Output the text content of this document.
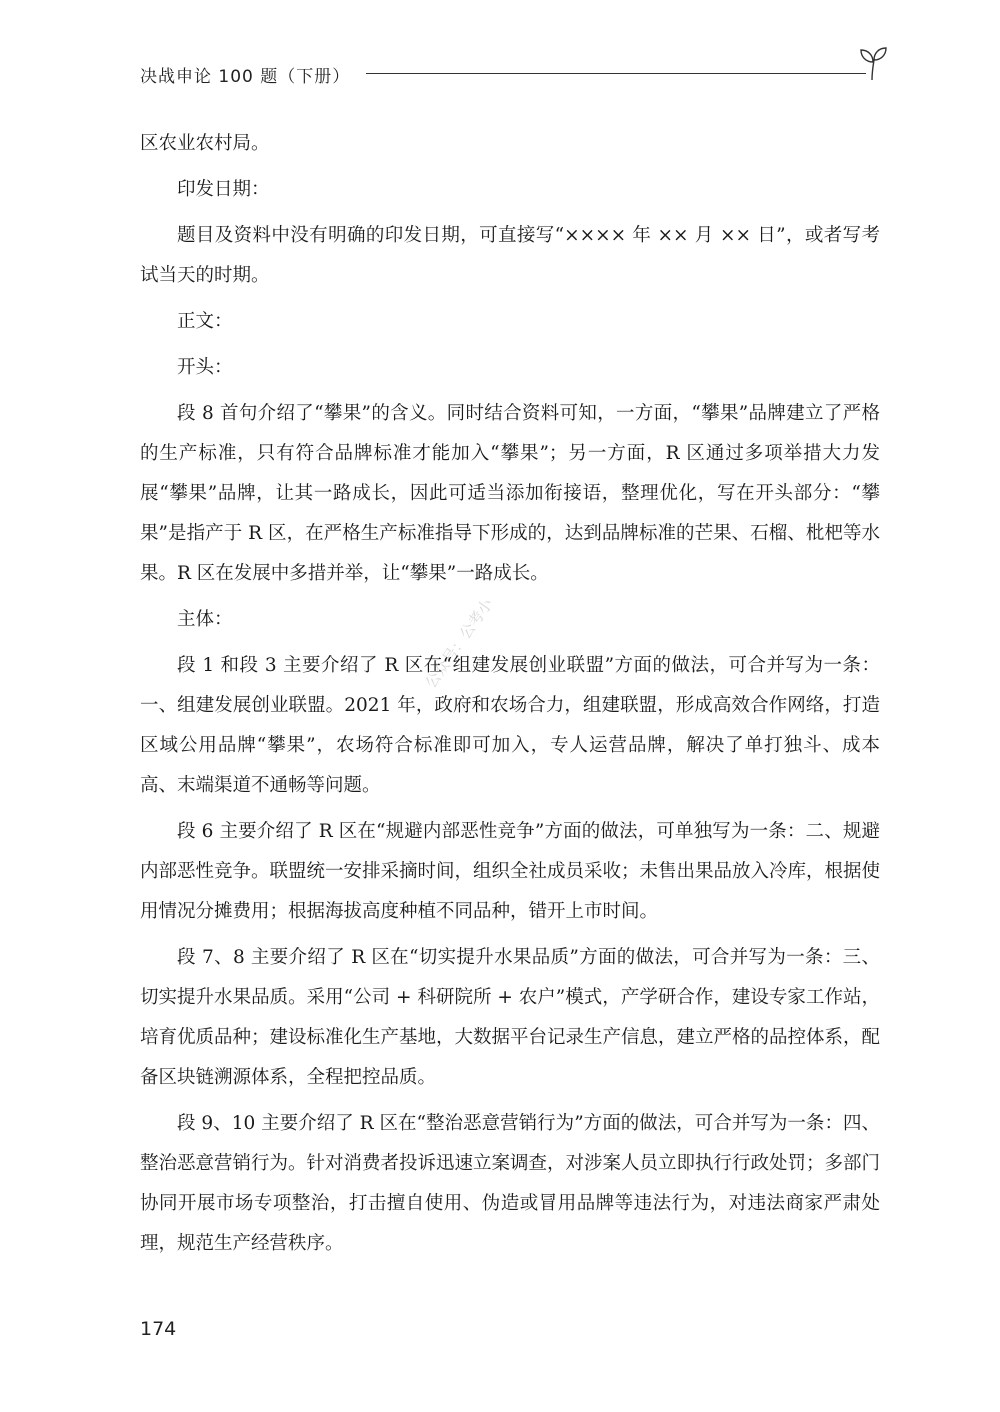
决战申论 100 题（下册）
公众号：公考小

区农业农村局。

印发日期：

题目及资料中没有明确的印发日期，可直接写“×××× 年 ×× 月 ×× 日”，或者写考试当天的时期。

正文：

开头：

段 8 首句介绍了“攀果”的含义。同时结合资料可知，一方面，“攀果”品牌建立了严格的生产标准，只有符合品牌标准才能加入“攀果”；另一方面，R 区通过多项举措大力发展“攀果”品牌，让其一路成长，因此可适当添加衔接语，整理优化，写在开头部分：“攀果”是指产于 R 区，在严格生产标准指导下形成的，达到品牌标准的芒果、石榴、枇杷等水果。R 区在发展中多措并举，让“攀果”一路成长。

主体：

段 1 和段 3 主要介绍了 R 区在“组建发展创业联盟”方面的做法，可合并写为一条：一、组建发展创业联盟。2021 年，政府和农场合力，组建联盟，形成高效合作网络，打造区域公用品牌“攀果”，农场符合标准即可加入，专人运营品牌，解决了单打独斗、成本高、末端渠道不通畅等问题。

段 6 主要介绍了 R 区在“规避内部恶性竞争”方面的做法，可单独写为一条：二、规避内部恶性竞争。联盟统一安排采摘时间，组织全社成员采收；未售出果品放入冷库，根据使用情况分摊费用；根据海拔高度种植不同品种，错开上市时间。

段 7、8 主要介绍了 R 区在“切实提升水果品质”方面的做法，可合并写为一条：三、切实提升水果品质。采用“公司 + 科研院所 + 农户”模式，产学研合作，建设专家工作站，培育优质品种；建设标准化生产基地，大数据平台记录生产信息，建立严格的品控体系，配备区块链溯源体系，全程把控品质。

段 9、10 主要介绍了 R 区在“整治恶意营销行为”方面的做法，可合并写为一条：四、整治恶意营销行为。针对消费者投诉迅速立案调查，对涉案人员立即执行行政处罚；多部门协同开展市场专项整治，打击擅自使用、伪造或冒用品牌等违法行为，对违法商家严肃处理，规范生产经营秩序。

174
